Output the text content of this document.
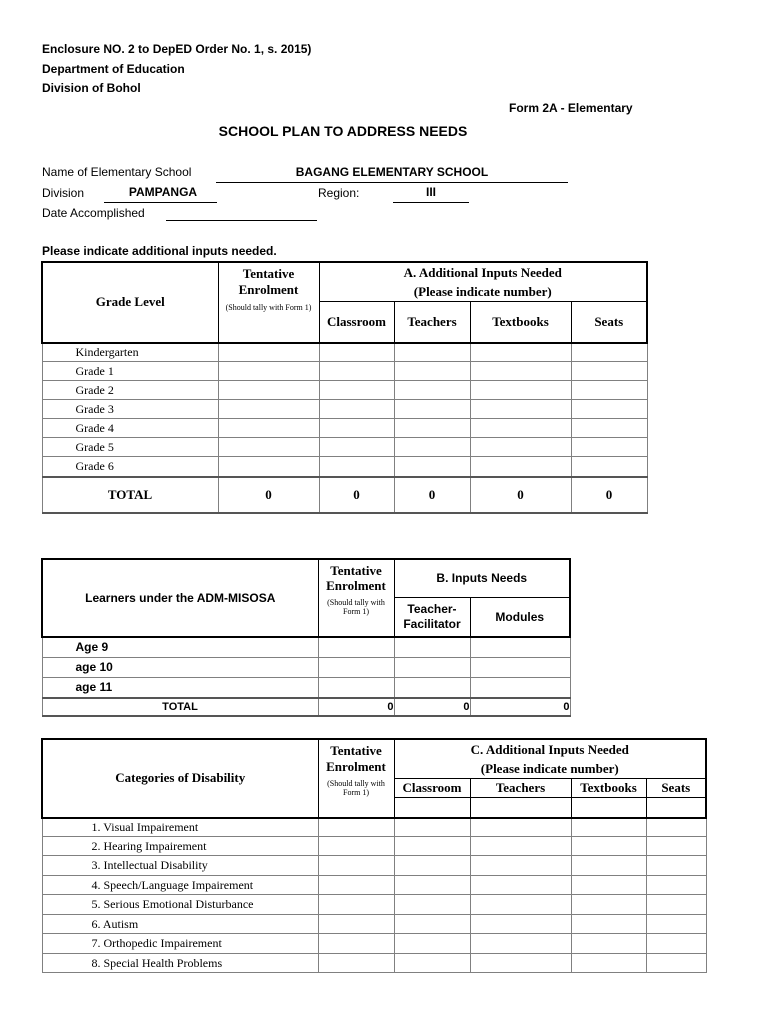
Enclosure NO. 2 to DepED Order No. 1, s. 2015)
Department of Education
Division of Bohol
Form 2A - Elementary
SCHOOL PLAN TO ADDRESS NEEDS
Name of Elementary School	BAGANG ELEMENTARY SCHOOL
Division	PAMPANGA	Region:	III
Date Accomplished
Please indicate additional inputs needed.
Grade Level	Tentative Enrolment	A. Additional Inputs Needed
(Please indicate number)			

	(Should tally with Form 1)	Classroom	Teachers	Textbooks	Seats
Kindergarten					
Grade 1					
Grade 2					
Grade 3					
Grade 4					
Grade 5					
Grade 6					
TOTAL	0	0	0	0	0
Learners under the ADM-MISOSA	Tentative Enrolment	B. Inputs Needs	
	(Should tally with Form 1)	Teacher-Facilitator	Modules
Age 9			
age 10			
age 11			
TOTAL	0	0	0
Categories of Disability	Tentative Enrolment	C. Additional Inputs Needed
(Please indicate number)			

	(Should tally with Form 1)	Classroom	Teachers	Textbooks	Seats

1. Visual Impairement					
2. Hearing Impairement					
3. Intellectual Disability					
4. Speech/Language Impairement					
5. Serious Emotional Disturbance					
6. Autism					
7. Orthopedic Impairement					
8. Special Health Problems					
